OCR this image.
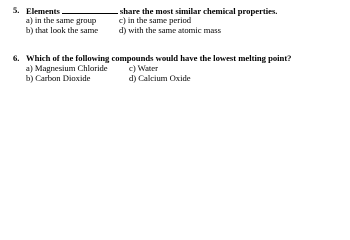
5. Elements	share the most similar chemical properties.
a) in the same group	c) in the same period
b) that look the same d) with the same atomic mass
6. Which of the following compounds would have the lowest melting point?
a) Magnesium Chloride c) Water
b) Carbon Dioxide	d) Calcium Oxide
